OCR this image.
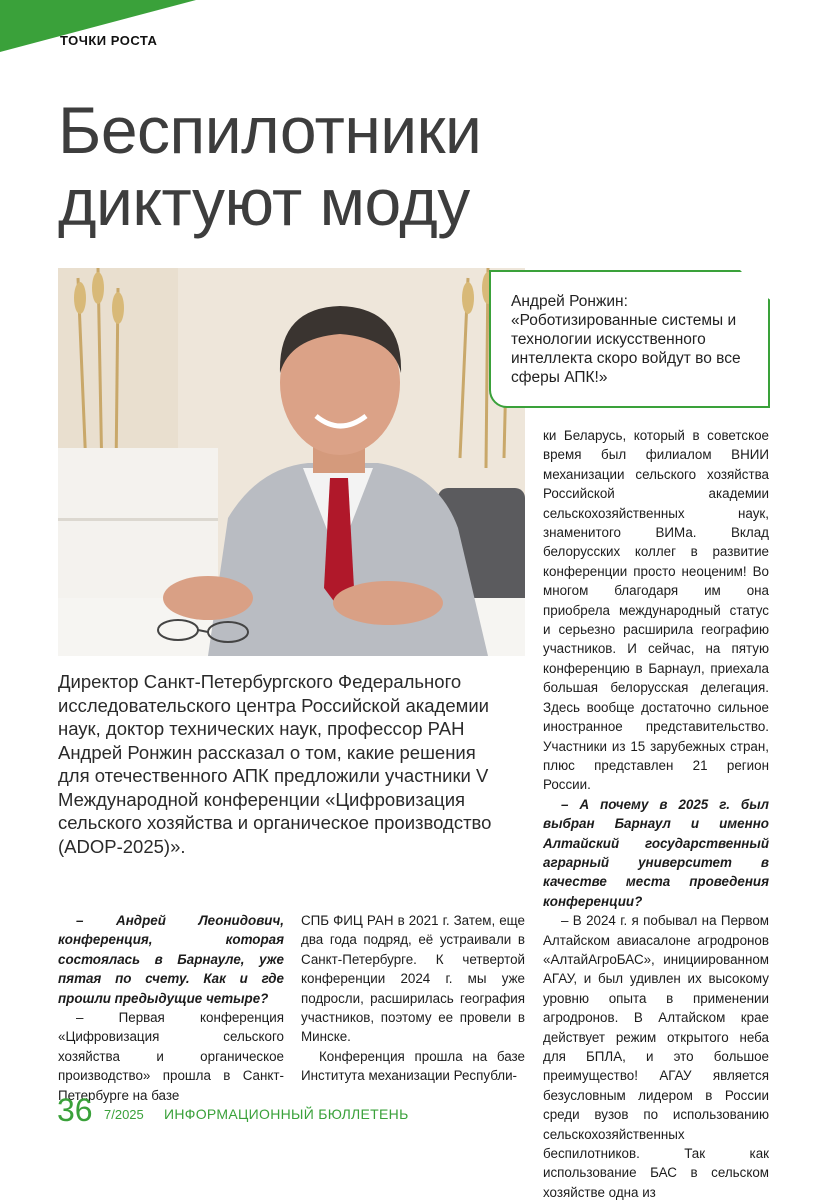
ТОЧКИ РОСТА
Беспилотники
диктуют моду
Андрей Ронжин:
«Роботизированные системы и технологии искусственного интеллекта скоро войдут во все сферы АПК!»
Директор Санкт-Петербургского Федерального исследовательского центра Российской академии наук, доктор технических наук, профессор РАН Андрей Ронжин рассказал о том, какие решения для отечественного АПК предложили участники V Международной конференции «Цифровизация сельского хозяйства и органическое производство (ADOP-2025)».

– Андрей Леонидович, конференция, которая состоялась в Барнауле, уже пятая по счету. Как и где прошли предыдущие четыре?

– Первая конференция «Цифровизация сельского хозяйства и органическое производство» прошла в Санкт-Петербурге на базе

СПБ ФИЦ РАН в 2021 г. Затем, еще два года подряд, её устраивали в Санкт-Петербурге. К четвертой конференции 2024 г. мы уже подросли, расширилась география участников, поэтому ее провели в Минске.

Конференция прошла на базе Института механизации Республи-

ки Беларусь, который в советское время был филиалом ВНИИ механизации сельского хозяйства Российской академии сельскохозяйственных наук, знаменитого ВИМа. Вклад белорусских коллег в развитие конференции просто неоценим! Во многом благодаря им она приобрела международный статус и серьезно расширила географию участников. И сейчас, на пятую конференцию в Барнаул, приехала большая белорусская делегация. Здесь вообще достаточно сильное иностранное представительство. Участники из 15 зарубежных стран, плюс представлен 21 регион России.

– А почему в 2025 г. был выбран Барнаул и именно Алтайский государственный аграрный университет в качестве места проведения конференции?

– В 2024 г. я побывал на Первом Алтайском авиасалоне агродронов «АлтайАгроБАС», инициированном АГАУ, и был удивлен их высокому уровню опыта в применении агродронов. В Алтайском крае действует режим открытого неба для БПЛА, и это большое преимущество! АГАУ является безусловным лидером в России среди вузов по использованию сельскохозяйственных беспилотников. Так как использование БАС в сельском хозяйстве одна из

36 7/2025 ИНФОРМАЦИОННЫЙ БЮЛЛЕТЕНЬ
